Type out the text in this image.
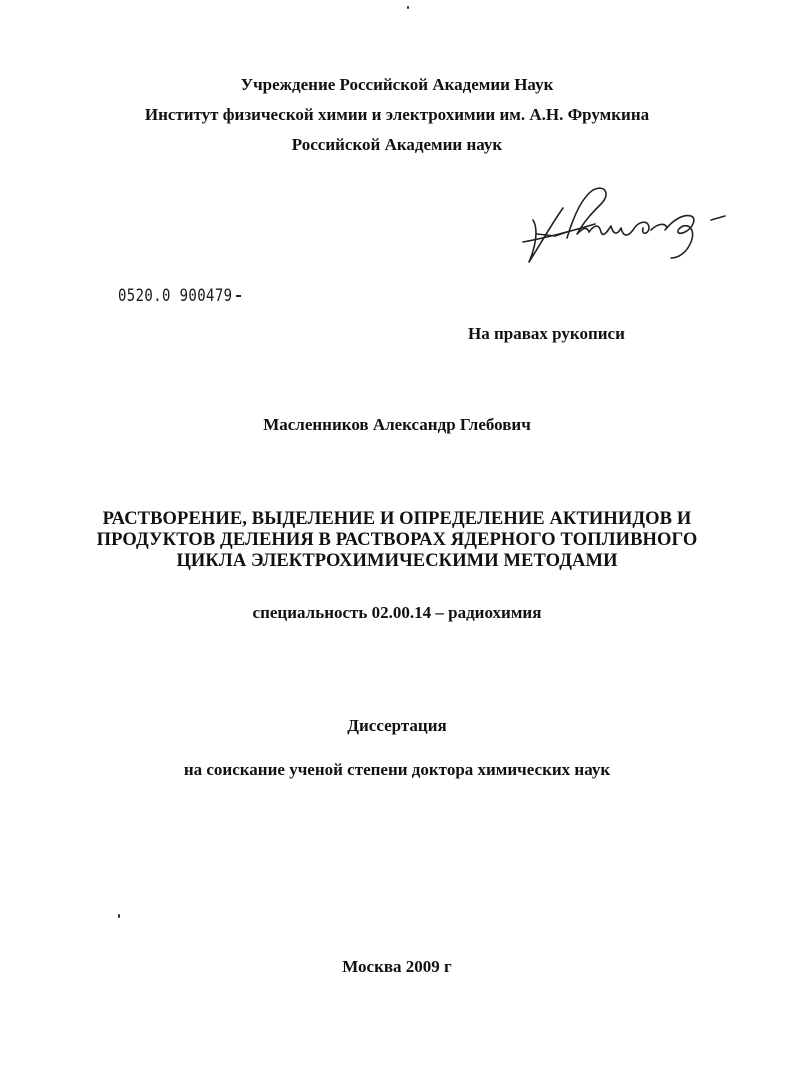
Учреждение Российской Академии Наук
Институт физической химии и электрохимии им. А.Н. Фрумкина
Российской Академии наук
0520.0 900479
На правах рукописи
Масленников Александр Глебович
РАСТВОРЕНИЕ, ВЫДЕЛЕНИЕ И ОПРЕДЕЛЕНИЕ АКТИНИДОВ И
ПРОДУКТОВ ДЕЛЕНИЯ В РАСТВОРАХ ЯДЕРНОГО ТОПЛИВНОГО
ЦИКЛА ЭЛЕКТРОХИМИЧЕСКИМИ МЕТОДАМИ
специальность 02.00.14 – радиохимия
Диссертация
на соискание ученой степени доктора химических наук
Москва 2009 г
